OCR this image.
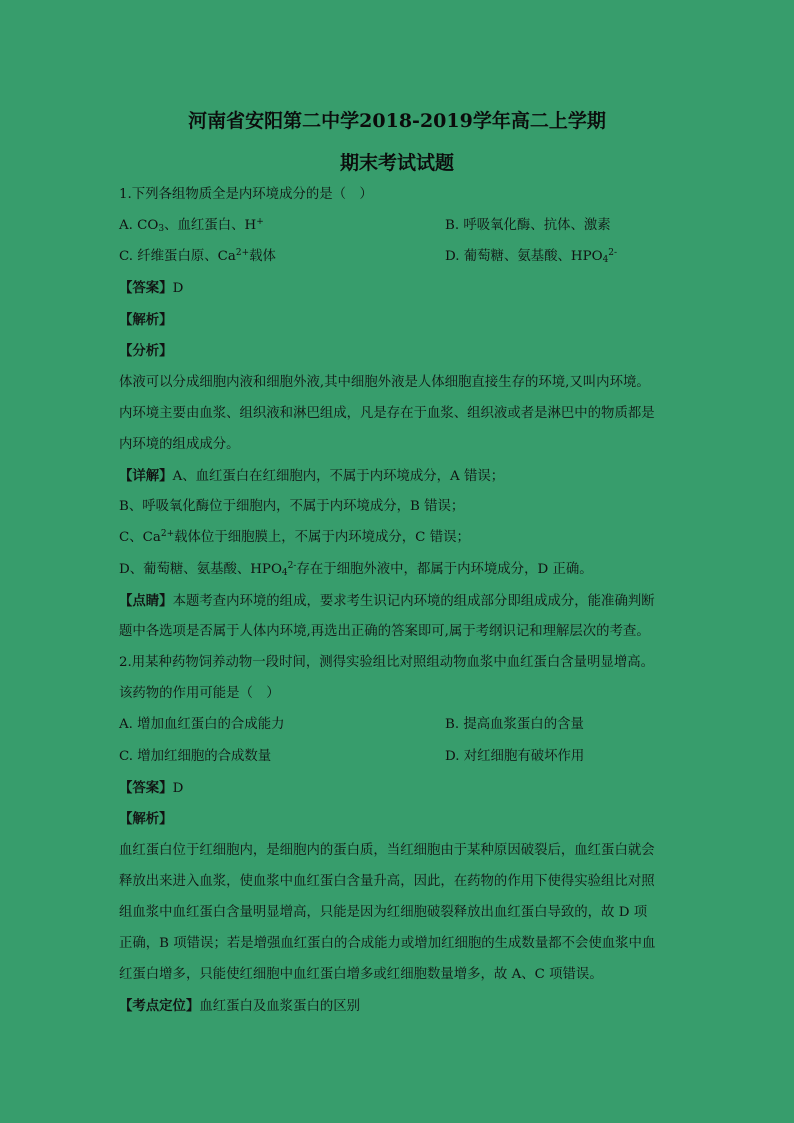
河南省安阳第二中学2018-2019学年高二上学期
期末考试试题
1.下列各组物质全是内环境成分的是（　）
A. $CO_3$、血红蛋白、H+	B. 呼吸氧化酶、抗体、激素
C. 纤维蛋白原、$Ca^{2+}$载体	D. 葡萄糖、氨基酸、$HPO_4^{2-}$
【答案】D
【解析】
【分析】
体液可以分成细胞内液和细胞外液,其中细胞外液是人体细胞直接生存的环境,又叫内环境。
内环境主要由血浆、组织液和淋巴组成，凡是存在于血浆、组织液或者是淋巴中的物质都是
内环境的组成成分。
【详解】A、血红蛋白在红细胞内，不属于内环境成分，A 错误；
B、呼吸氧化酶位于细胞内，不属于内环境成分，B 错误；
C、$Ca^{2+}$载体位于细胞膜上，不属于内环境成分，C 错误；
D、葡萄糖、氨基酸、$HPO_4^{2-}$存在于细胞外液中，都属于内环境成分，D 正确。
【点睛】本题考查内环境的组成，要求考生识记内环境的组成部分即组成成分，能准确判断
题中各选项是否属于人体内环境,再选出正确的答案即可,属于考纲识记和理解层次的考查。
2.用某种药物饲养动物一段时间，测得实验组比对照组动物血浆中血红蛋白含量明显增高。
该药物的作用可能是（　）
A. 增加血红蛋白的合成能力	B. 提高血浆蛋白的含量
C. 增加红细胞的合成数量	D. 对红细胞有破坏作用
【答案】D
【解析】
血红蛋白位于红细胞内，是细胞内的蛋白质，当红细胞由于某种原因破裂后，血红蛋白就会
释放出来进入血浆，使血浆中血红蛋白含量升高，因此，在药物的作用下使得实验组比对照
组血浆中血红蛋白含量明显增高，只能是因为红细胞破裂释放出血红蛋白导致的，故 D 项
正确，B 项错误；若是增强血红蛋白的合成能力或增加红细胞的生成数量都不会使血浆中血
红蛋白增多，只能使红细胞中血红蛋白增多或红细胞数量增多，故 A、C 项错误。
【考点定位】血红蛋白及血浆蛋白的区别
